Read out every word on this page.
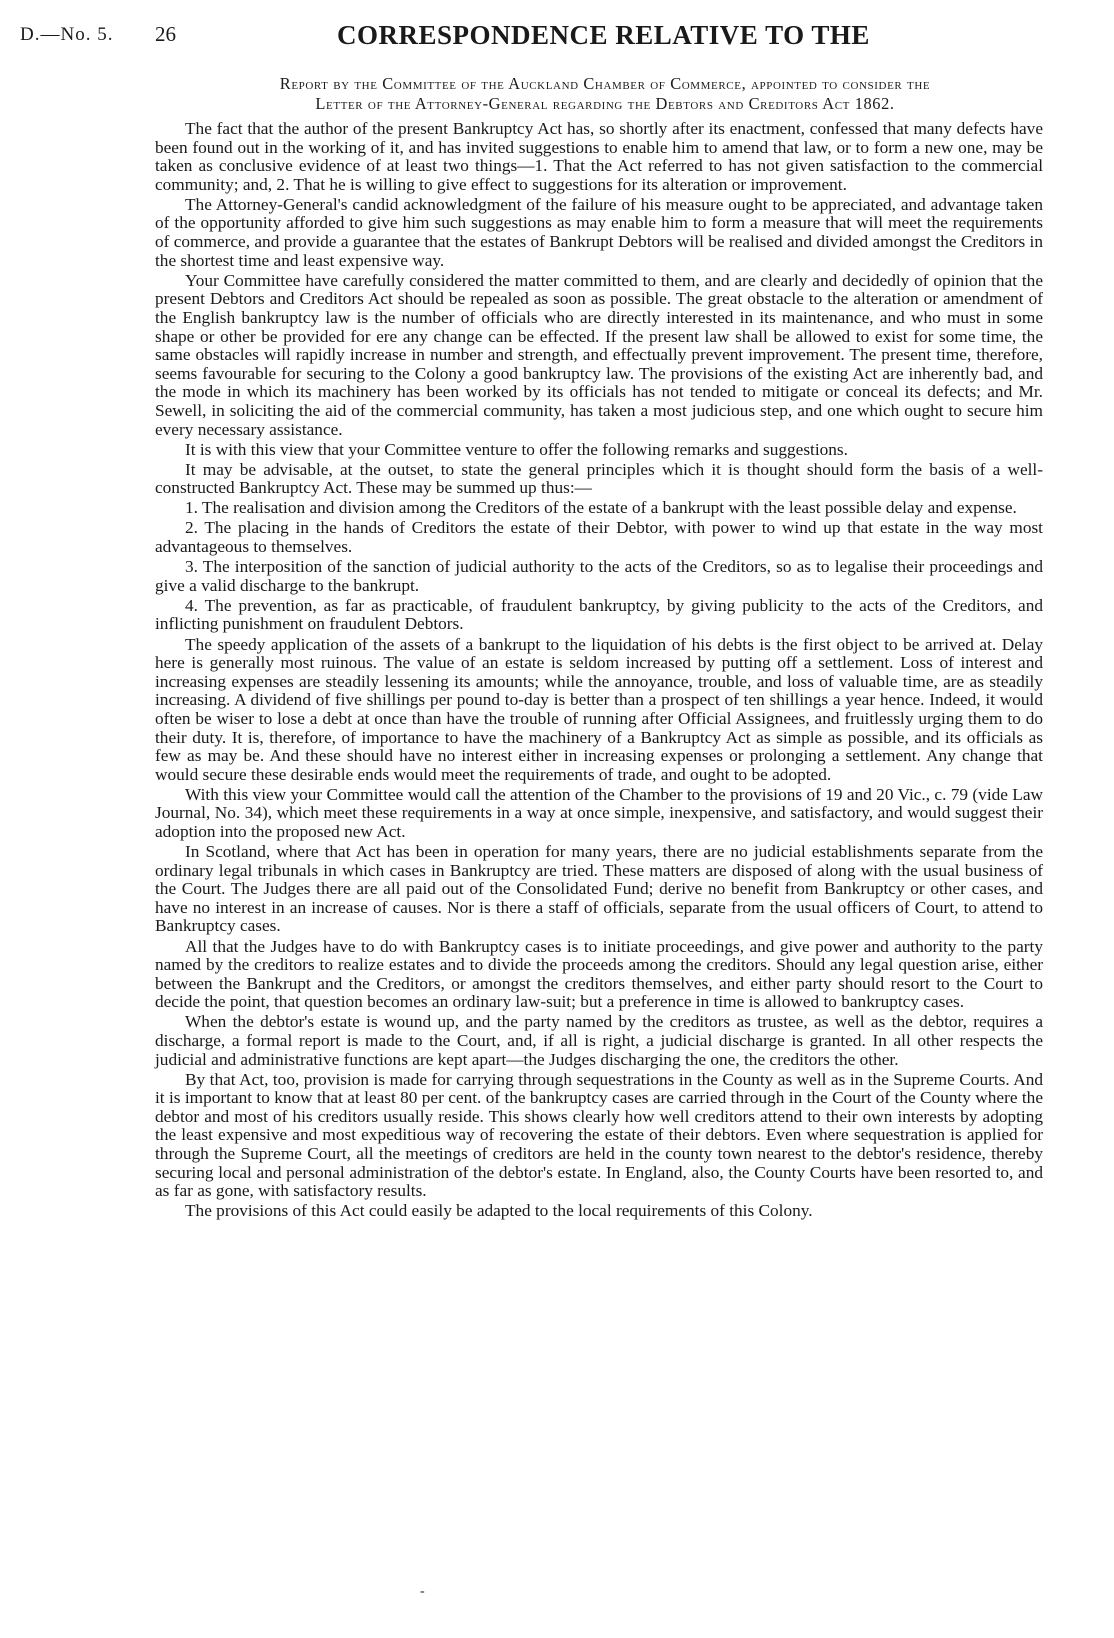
D.—No. 5. 26	CORRESPONDENCE RELATIVE TO THE
Report by the Committee of the Auckland Chamber of Commerce, appointed to consider the
Letter of the Attorney-General regarding the Debtors and Creditors Act 1862.

The fact that the author of the present Bankruptcy Act has, so shortly after its enactment, confessed that many defects have been found out in the working of it, and has invited suggestions to enable him to amend that law, or to form a new one, may be taken as conclusive evidence of at least two things—1. That the Act referred to has not given satisfaction to the commercial community; and, 2. That he is willing to give effect to suggestions for its alteration or improvement.

The Attorney-General's candid acknowledgment of the failure of his measure ought to be appreciated, and advantage taken of the opportunity afforded to give him such suggestions as may enable him to form a measure that will meet the requirements of commerce, and provide a guarantee that the estates of Bankrupt Debtors will be realised and divided amongst the Creditors in the shortest time and least expensive way.

Your Committee have carefully considered the matter committed to them, and are clearly and decidedly of opinion that the present Debtors and Creditors Act should be repealed as soon as possible. The great obstacle to the alteration or amendment of the English bankruptcy law is the number of officials who are directly interested in its maintenance, and who must in some shape or other be provided for ere any change can be effected. If the present law shall be allowed to exist for some time, the same obstacles will rapidly increase in number and strength, and effectually prevent improvement. The present time, therefore, seems favourable for securing to the Colony a good bankruptcy law. The provisions of the existing Act are inherently bad, and the mode in which its machinery has been worked by its officials has not tended to mitigate or conceal its defects; and Mr. Sewell, in soliciting the aid of the commercial community, has taken a most judicious step, and one which ought to secure him every necessary assistance.

It is with this view that your Committee venture to offer the following remarks and suggestions.

It may be advisable, at the outset, to state the general principles which it is thought should form the basis of a well-constructed Bankruptcy Act. These may be summed up thus:—

1. The realisation and division among the Creditors of the estate of a bankrupt with the least possible delay and expense.

2. The placing in the hands of Creditors the estate of their Debtor, with power to wind up that estate in the way most advantageous to themselves.

3. The interposition of the sanction of judicial authority to the acts of the Creditors, so as to legalise their proceedings and give a valid discharge to the bankrupt.

4. The prevention, as far as practicable, of fraudulent bankruptcy, by giving publicity to the acts of the Creditors, and inflicting punishment on fraudulent Debtors.

The speedy application of the assets of a bankrupt to the liquidation of his debts is the first object to be arrived at. Delay here is generally most ruinous. The value of an estate is seldom increased by putting off a settlement. Loss of interest and increasing expenses are steadily lessening its amounts; while the annoyance, trouble, and loss of valuable time, are as steadily increasing. A dividend of five shillings per pound to-day is better than a prospect of ten shillings a year hence. Indeed, it would often be wiser to lose a debt at once than have the trouble of running after Official Assignees, and fruitlessly urging them to do their duty. It is, therefore, of importance to have the machinery of a Bankruptcy Act as simple as possible, and its officials as few as may be. And these should have no interest either in increasing expenses or prolonging a settlement. Any change that would secure these desirable ends would meet the requirements of trade, and ought to be adopted.

With this view your Committee would call the attention of the Chamber to the provisions of 19 and 20 Vic., c. 79 (vide Law Journal, No. 34), which meet these requirements in a way at once simple, inexpensive, and satisfactory, and would suggest their adoption into the proposed new Act.

In Scotland, where that Act has been in operation for many years, there are no judicial establishments separate from the ordinary legal tribunals in which cases in Bankruptcy are tried. These matters are disposed of along with the usual business of the Court. The Judges there are all paid out of the Consolidated Fund; derive no benefit from Bankruptcy or other cases, and have no interest in an increase of causes. Nor is there a staff of officials, separate from the usual officers of Court, to attend to Bankruptcy cases.

All that the Judges have to do with Bankruptcy cases is to initiate proceedings, and give power and authority to the party named by the creditors to realize estates and to divide the proceeds among the creditors. Should any legal question arise, either between the Bankrupt and the Creditors, or amongst the creditors themselves, and either party should resort to the Court to decide the point, that question becomes an ordinary law-suit; but a preference in time is allowed to bankruptcy cases.

When the debtor's estate is wound up, and the party named by the creditors as trustee, as well as the debtor, requires a discharge, a formal report is made to the Court, and, if all is right, a judicial discharge is granted. In all other respects the judicial and administrative functions are kept apart—the Judges discharging the one, the creditors the other.

By that Act, too, provision is made for carrying through sequestrations in the County as well as in the Supreme Courts. And it is important to know that at least 80 per cent. of the bankruptcy cases are carried through in the Court of the County where the debtor and most of his creditors usually reside. This shows clearly how well creditors attend to their own interests by adopting the least expensive and most expeditious way of recovering the estate of their debtors. Even where sequestration is applied for through the Supreme Court, all the meetings of creditors are held in the county town nearest to the debtor's residence, thereby securing local and personal administration of the debtor's estate. In England, also, the County Courts have been resorted to, and as far as gone, with satisfactory results.

The provisions of this Act could easily be adapted to the local requirements of this Colony.

-
